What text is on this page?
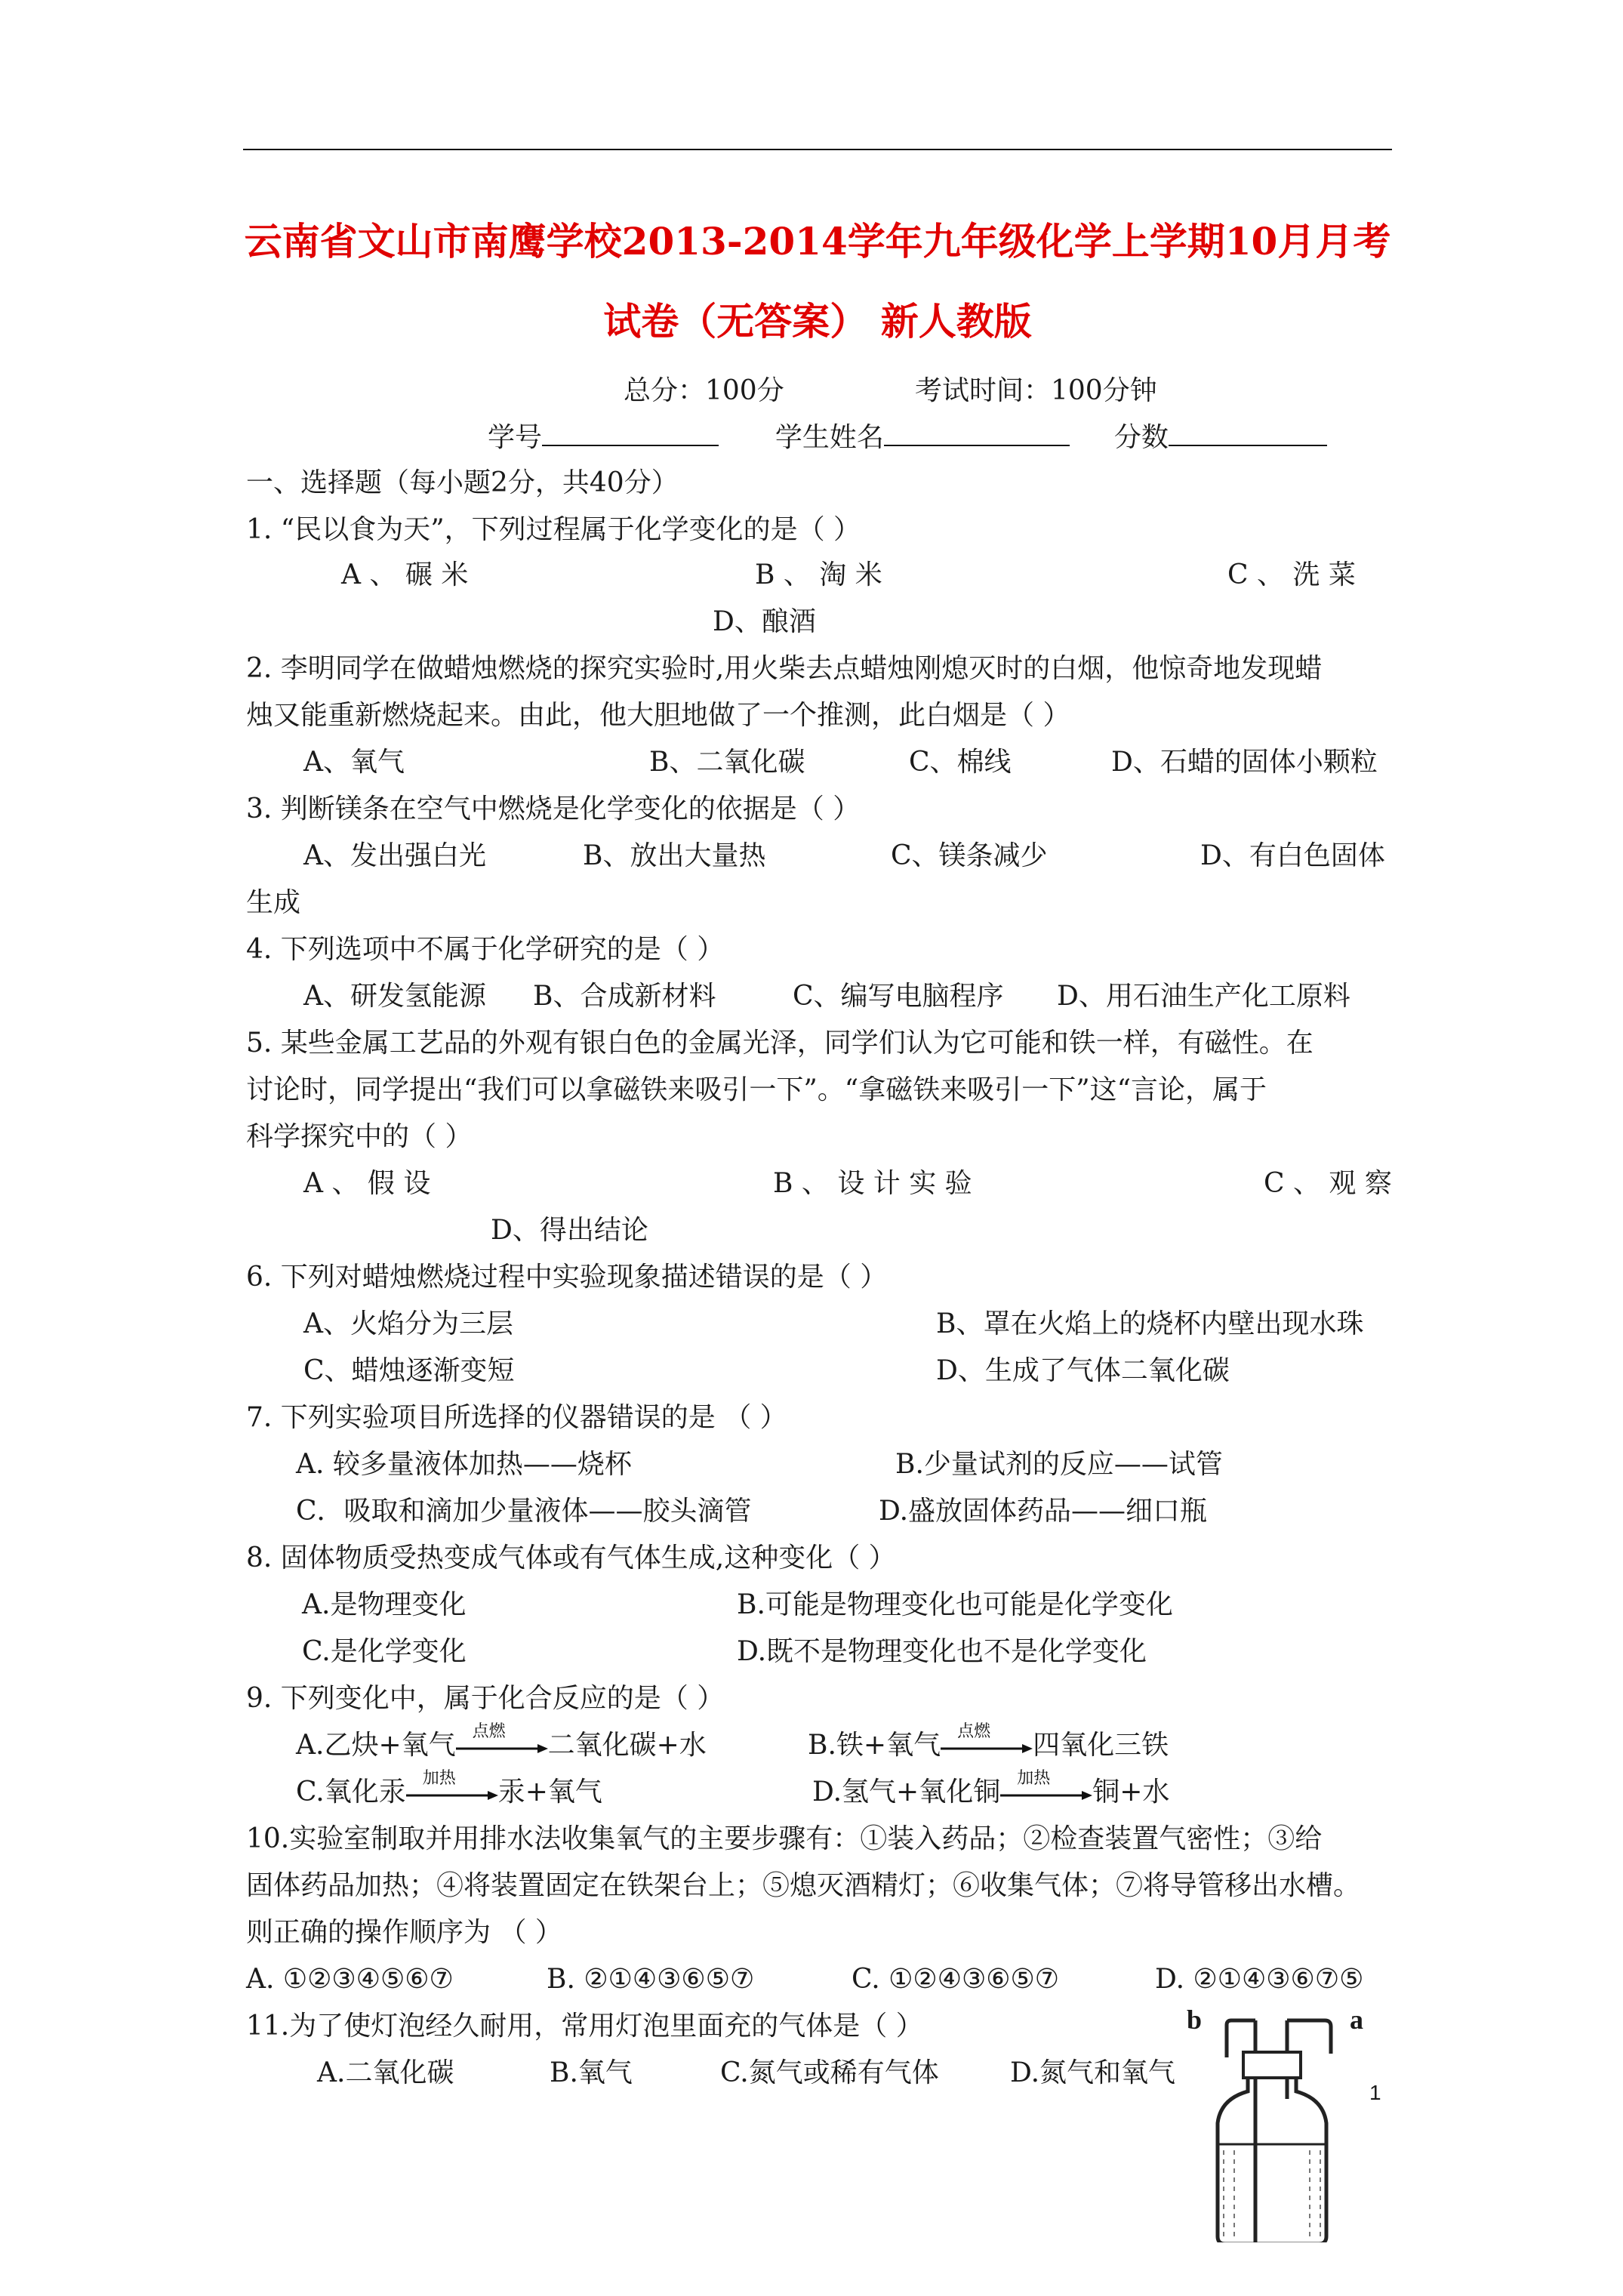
云南省文山市南鹰学校2013-2014学年九年级化学上学期10月月考
试卷（无答案） 新人教版
总分：100分	考试时间：100分钟
学号	学生姓名	分数
一、选择题（每小题2分，共40分）
1. “民以食为天”，下列过程属于化学变化的是（ ）
A 、 碾 米	B 、 淘 米	C 、 洗 菜
D、酿酒
2. 李明同学在做蜡烛燃烧的探究实验时,用火柴去点蜡烛刚熄灭时的白烟，他惊奇地发现蜡
烛又能重新燃烧起来。由此，他大胆地做了一个推测，此白烟是（ ）
A、氧气	B、二氧化碳	C、棉线	D、石蜡的固体小颗粒
3. 判断镁条在空气中燃烧是化学变化的依据是（ ）
A、发出强白光	B、放出大量热	C、镁条减少	D、有白色固体
生成
4. 下列选项中不属于化学研究的是（ ）
A、研发氢能源 B、合成新材料	C、编写电脑程序 D、用石油生产化工原料
5. 某些金属工艺品的外观有银白色的金属光泽，同学们认为它可能和铁一样，有磁性。在
讨论时，同学提出“我们可以拿磁铁来吸引一下”。“拿磁铁来吸引一下”这“言论，属于
科学探究中的（ ）
A 、 假 设	B 、 设 计 实 验	C 、 观 察
D、得出结论
6. 下列对蜡烛燃烧过程中实验现象描述错误的是（ ）
A、火焰分为三层	B、罩在火焰上的烧杯内壁出现水珠
C、蜡烛逐渐变短	D、生成了气体二氧化碳
7. 下列实验项目所选择的仪器错误的是 （ ）
A. 较多量液体加热——烧杯	B.少量试剂的反应——试管
C．吸取和滴加少量液体——胶头滴管	D.盛放固体药品——细口瓶
8. 固体物质受热变成气体或有气体生成,这种变化（ ）
A.是物理变化	B.可能是物理变化也可能是化学变化
C.是化学变化	D.既不是物理变化也不是化学变化
9. 下列变化中，属于化合反应的是（ ）
A.乙炔+氧气 点燃 二氧化碳+水	B.铁+氧气 点燃 四氧化三铁
C.氧化汞 加热 汞+氧气	D.氢气+氧化铜 加热 铜+水
10.实验室制取并用排水法收集氧气的主要步骤有：①装入药品；②检查装置气密性；③给
固体药品加热；④将装置固定在铁架台上；⑤熄灭酒精灯；⑥收集气体；⑦将导管移出水槽。
则正确的操作顺序为 （ ）
A. ①②③④⑤⑥⑦	B. ②①④③⑥⑤⑦	C. ①②④③⑥⑤⑦	D. ②①④③⑥⑦⑤
11.为了使灯泡经久耐用，常用灯泡里面充的气体是（ ）
A.二氧化碳	B.氧气	C.氮气或稀有气体	D.氮气和氧气
b	a
1
